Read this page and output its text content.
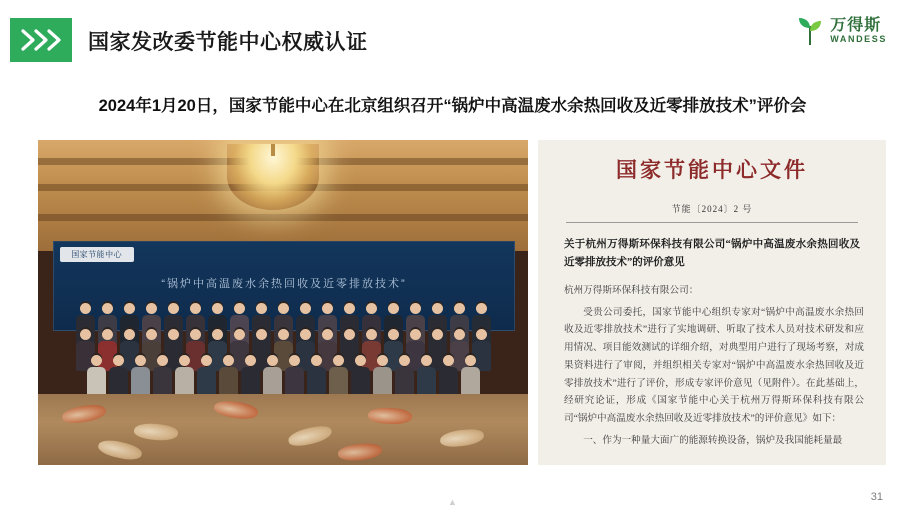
国家发改委节能中心权威认证
万得斯
WANDESS
2024年1月20日，国家节能中心在北京组织召开“锅炉中高温废水余热回收及近零排放技术”评价会
国家节能中心
“锅炉中高温废水余热回收及近零排放技术”
国家节能中心文件
节能〔2024〕2 号
关于杭州万得斯环保科技有限公司“锅炉中高温废水余热回收及近零排放技术”的评价意见

杭州万得斯环保科技有限公司：

受贵公司委托，国家节能中心组织专家对“锅炉中高温废水余热回收及近零排放技术”进行了实地调研、听取了技术人员对技术研发和应用情况、项目能效测试的详细介绍，对典型用户进行了现场考察，对成果资料进行了审阅，并组织相关专家对“锅炉中高温废水余热回收及近零排放技术”进行了评价，形成专家评价意见（见附件）。在此基础上，经研究论证，形成《国家节能中心关于杭州万得斯环保科技有限公司“锅炉中高温废水余热回收及近零排放技术”的评价意见》如下：

一、作为一种量大面广的能源转换设备，锅炉及我国能耗量最

▲	31
